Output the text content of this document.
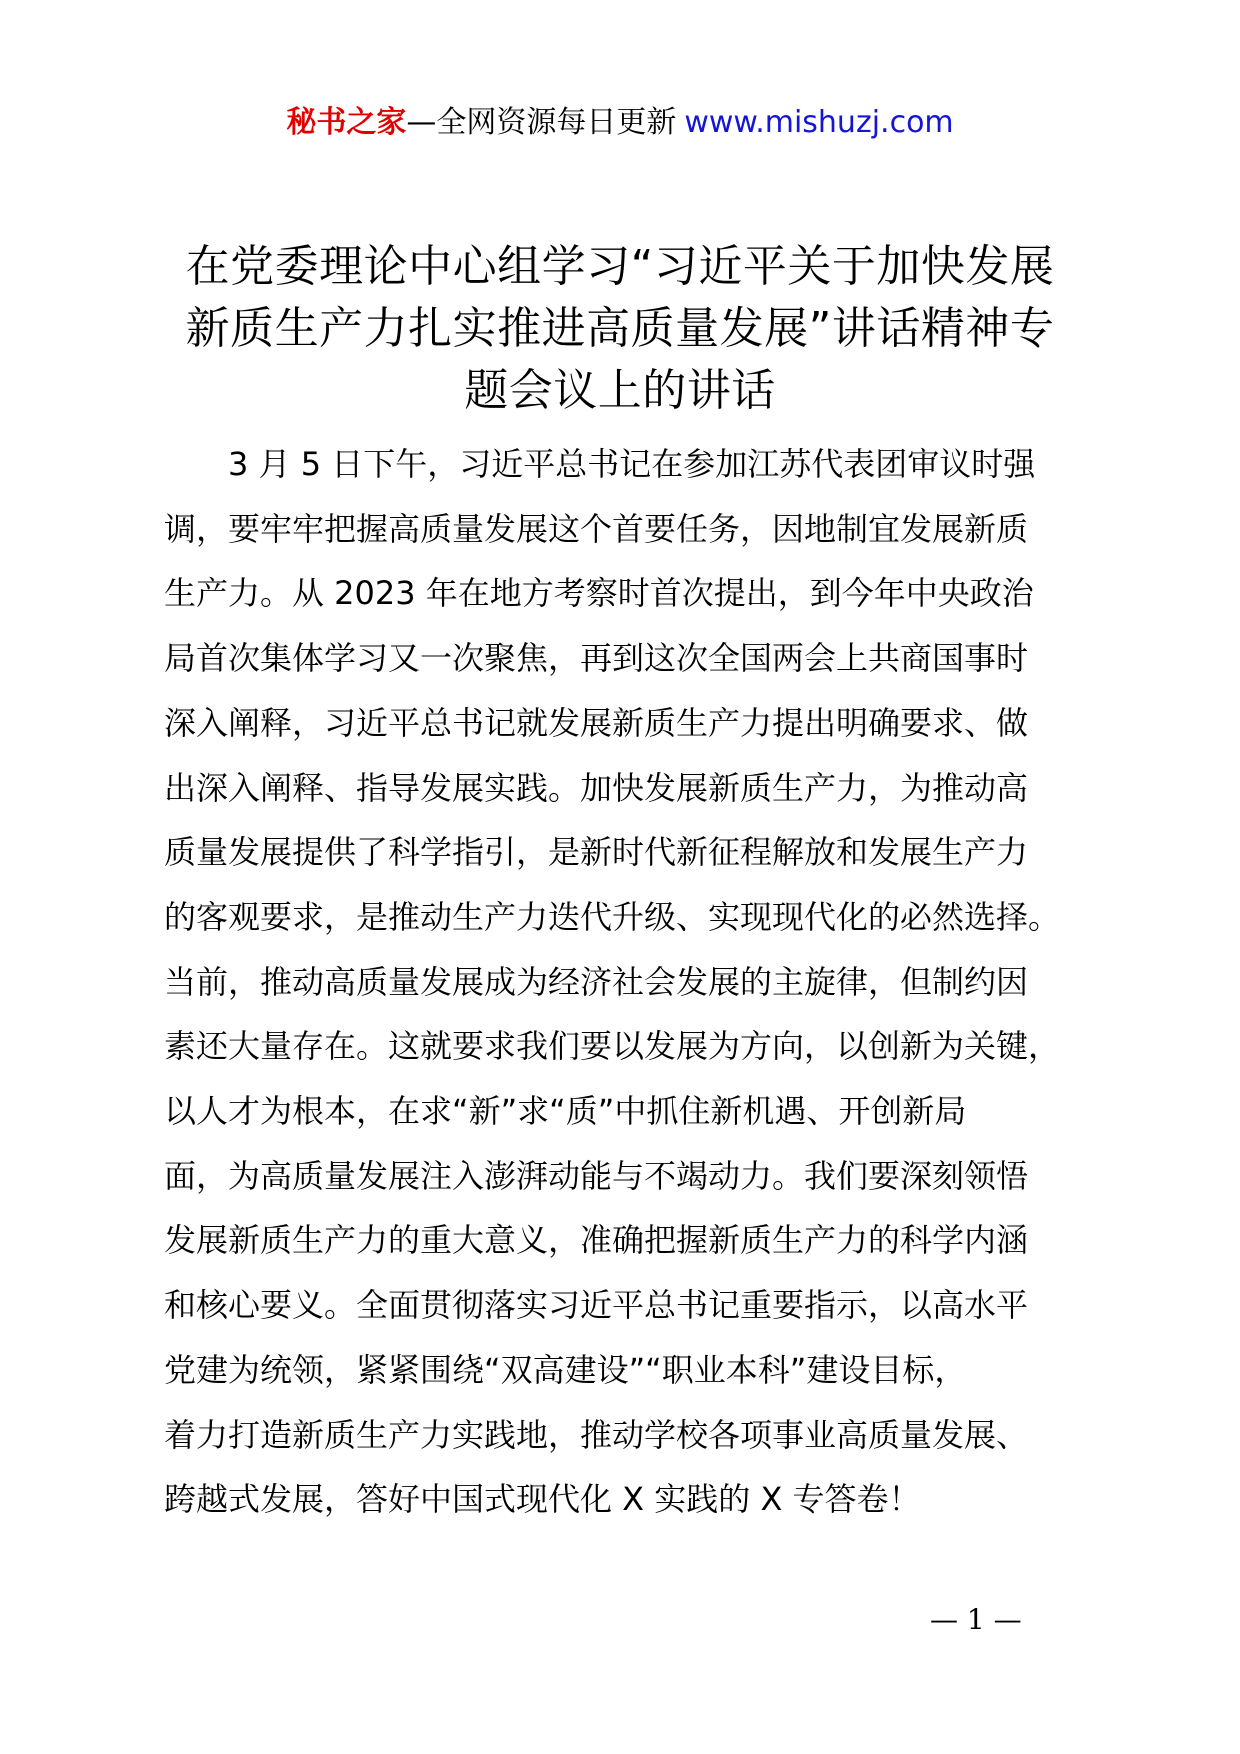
秘书之家—全网资源每日更新 www.mishuzj.com
在党委理论中心组学习“习近平关于加快发展
新质生产力扎实推进高质量发展”讲话精神专
题会议上的讲话
　　3 月 5 日下午，习近平总书记在参加江苏代表团审议时强
调，要牢牢把握高质量发展这个首要任务，因地制宜发展新质
生产力。从 2023 年在地方考察时首次提出，到今年中央政治
局首次集体学习又一次聚焦，再到这次全国两会上共商国事时
深入阐释，习近平总书记就发展新质生产力提出明确要求、做
出深入阐释、指导发展实践。加快发展新质生产力，为推动高
质量发展提供了科学指引，是新时代新征程解放和发展生产力
的客观要求，是推动生产力迭代升级、实现现代化的必然选择。
当前，推动高质量发展成为经济社会发展的主旋律，但制约因
素还大量存在。这就要求我们要以发展为方向，以创新为关键，
以人才为根本，在求“新”求“质”中抓住新机遇、开创新局
面，为高质量发展注入澎湃动能与不竭动力。我们要深刻领悟
发展新质生产力的重大意义，准确把握新质生产力的科学内涵
和核心要义。全面贯彻落实习近平总书记重要指示，以高水平
党建为统领，紧紧围绕“双高建设”“职业本科”建设目标，
着力打造新质生产力实践地，推动学校各项事业高质量发展、
跨越式发展，答好中国式现代化 X 实践的 X 专答卷！
— 1 —
